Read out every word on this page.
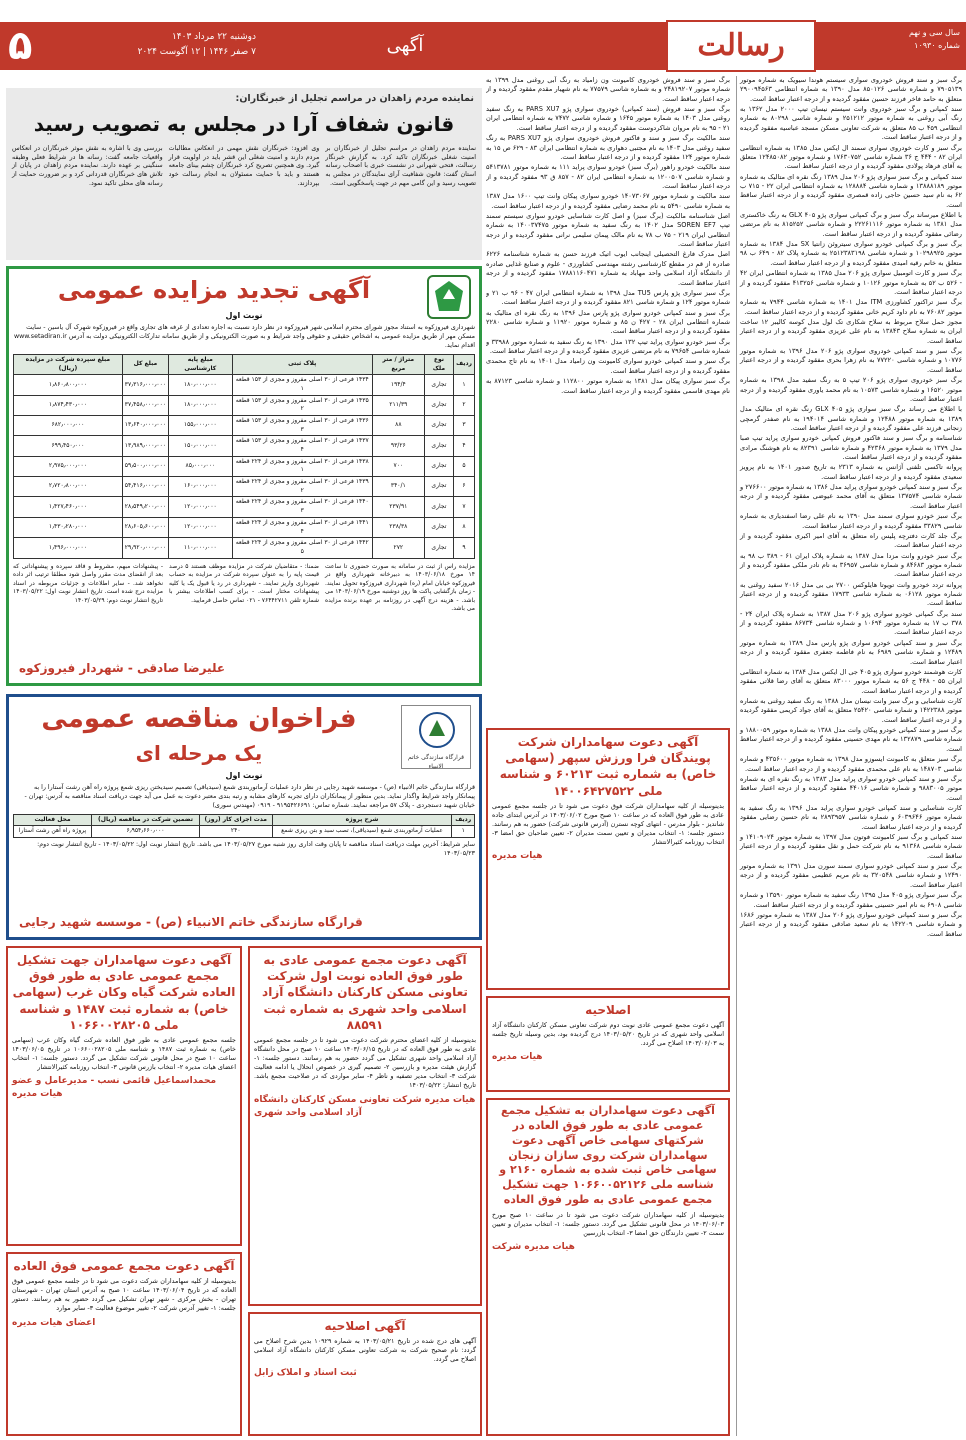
۵	دوشنبه ۲۲ مرداد ۱۴۰۳
۷ صفر ۱۴۴۶ | ۱۲ آگوست ۲۰۲۴	آگهی	رسالت	سال سی و نهم
شماره ۱۰۹۳۰

برگ سبز و سند فروش خودروی سواری سیستم هوندا سیویک به شماره موتور ۷۹۰۵۱۳۹ و شماره شاسی ۸۵۰۱۲۶ مدل ۱۳۹۰ به شماره انتظامی ۲۹۰۰۹۴۵۶۳ متعلق به حامد فاخر فرزند حسین مفقود گردیده و از درجه اعتبار ساقط است.

سند کمپانی و برگ سبز خودروی وانت سیستم نیسان تیپ ۲۰۰۰ مدل ۱۳۶۲ به رنگ آبی روغنی به شماره موتور ۲۵۱۲۱۲ و شماره شاسی ۸۰۲۹۸ به شماره انتظامی ۴۵۹ ب ۸۵ متعلق به شرکت تعاونی مسکن مسجد عباسیه مفقود گردیده و از درجه اعتبار ساقط است.

برگ سبز و کارت خودروی سواری سمند ال ایکس مدل ۱۳۸۵ به شماره انتظامی ایران ۸۲ - ۴۴۴ ج ۳۶ شماره شاسی ۱۷۶۳۰۷۵۲ و شماره موتور ۱۲۴۸۵۰۸۲ متعلق به آقای فرهاد پولادی مفقود گردیده و از درجه اعتبار ساقط است.

سند کمپانی و برگ سبز سواری پژو ۲۰۶ مدل ۱۳۸۹ رنگ نقره ای متالیک به شماره موتور ۱۳۸۸۸۱۸۹ و شماره شاسی ۱۲۸۸۸۴ به شماره انتظامی ایران ۲۲ - ۷۱۵ ب ۶۲ به نام سید حسین حاجی زاده قمصری مفقود گردیده و از درجه اعتبار ساقط است.

با اطلاع میرساند برگ سبز و برگ کمپانی سواری پژو ۴۰۵ GLX به رنگ خاکستری مدل ۱۳۸۱ به شماره موتور ۲۲۲۶۱۱۱۶ و شماره شاسی ۸۱۵۲۵۲ به نام مرتضی رضائی مفقود گردیده و از درجه اعتبار ساقط است.

برگ سبز و برگ کمپانی خودرو سواری سیتروئن زانتیا SX مدل ۱۳۸۴ به شماره موتور ۱۰۲۹۸۹۲۵ و شماره شاسی ۲۵۱۲۳۸۳۱۹۸ به شماره پلاک ۸۲ - ۶۴۹ ب ۹۸ متعلق به خانم رقیه امیدی مفقود گردیده و از درجه اعتبار ساقط است.

برگ سبز و کارت اتومبیل سواری پژو ۲۰۶ مدل ۱۳۸۵ به شماره انتظامی ایران ۴۲ - ۵۲۶ ب ۵۲ به شماره موتور ۱۰۱۲۶ و شماره شاسی ۴۱۳۲۵۶ مفقود گردیده و از درجه اعتبار ساقط است.

برگ سبز تراکتور کشاورزی ITM مدل ۱۴۰۱ به شماره شاسی ۷۹۴۴ به شماره موتور ۷۶۰۸۲ به نام داود کریم خانی مفقود گردیده و از درجه اعتبار ساقط است.

مجوز حمل سلاح مربوط به سلاح شکاری تک لول مدل کوسه کالیبر ۱۲ ساخت ایران به شماره سلاح ۱۳۸۴۳ به نام علی عزیزی مفقود گردیده و از درجه اعتبار ساقط است.

برگ سبز و سند کمپانی خودروی سواری پژو ۲۰۶ مدل ۱۳۹۶ به شماره موتور ۱۰۷۷۶ و شماره شاسی ۷۷۲۲۰ به نام زهرا بحری مفقود گردیده و از درجه اعتبار ساقط است.

برگ سبز خودروی سواری پژو ۲۰۶ تیپ ۵ به رنگ سفید مدل ۱۳۹۸ به شماره موتور ۱۶۵۲۰ و شماره شاسی ۱۰۵۷۳ به نام محمد یاوری مفقود گردیده و از درجه اعتبار ساقط است.

با اطلاع می رساند برگ سبز سواری پژو ۴۰۵ GLX رنگ نقره ای متالیک مدل ۱۳۸۹ به شماره موتور ۱۲۴۸۸ و شماره شاسی ۱۹۴۰۱۴ به نام صفدر گرمچی زنجانی فرزند علی مفقود گردیده و از درجه اعتبار ساقط است.

شناسنامه و برگ سبز و سند فاکتور فروش کمپانی خودرو سواری پراید تیپ صبا مدل ۱۳۷۹ به شماره موتور ۴۲۳۶۸ و شماره شاسی ۸۲۳۹۱ به نام هوشنگ مرادی مفقود گردیده و از درجه اعتبار ساقط است.

پروانه تاکسی تلفنی آژانس به شماره ۲۳۱۳ به تاریخ صدور ۱۴۰۱ به نام پرویز سعیدی مفقود گردیده و از درجه اعتبار ساقط است.

برگ سبز و سند کمپانی خودرو سواری پراید مدل ۱۳۸۶ به شماره موتور ۲۷۶۶۰۰ و شماره شاسی ۱۳۷۵۷۴ متعلق به آقای محمد عیوضی مفقود گردیده و از درجه اعتبار ساقط است.

برگ سبز خودرو سواری سمند مدل ۱۳۹۰ به نام علی رضا اسفندیاری به شماره شاسی ۳۳۸۲۹ مفقود گردیده و از درجه اعتبار ساقط است.

برگ جلد کارت دفترچه پلیس راه متعلق به آقای امیر اکبری مفقود گردیده و از درجه اعتبار ساقط است.

برگ سبز خودرو وانت مزدا مدل ۱۳۸۷ به شماره پلاک ایران ۶۱ - ۳۸۹ ب ۹۸ به شماره موتور ۸۴۶۸۳ و شماره شاسی ۳۶۹۵۷ به نام نادر ملکی مفقود گردیده و از درجه اعتبار ساقط است.

پروانه تردد خودرو وانت تویوتا هایلوکس ۲۷۰۰ بی بی مدل ۲۰۱۶ سفید روغنی به شماره موتور ۰۶۱۲۸ به شماره شاسی ۱۷۹۳۳ مفقود گردیده و از درجه اعتبار ساقط است.

سند برگ کمپانی خودرو سواری پژو ۲۰۶ مدل ۱۳۸۷ به شماره پلاک ایران ۲۴ - ۳۷۸ ب ۱۷ به شماره موتور ۱۰۶۹۴ و شماره شاسی ۸۶۷۳۴ مفقود گردیده و از درجه اعتبار ساقط است.

برگ سبز و سند کمپانی خودرو سواری پژو پارس مدل ۱۳۸۹ به شماره موتور ۱۲۴۸۹ و شماره شاسی ۶۹۸۹ به نام فاطمه جعفری مفقود گردیده و از درجه اعتبار ساقط است.

کارت هوشمند خودرو سواری پژو ۴۰۵ جی ال ایکس مدل ۱۳۸۴ به شماره انتظامی ایران ۵۵ - ۴۴۸ ج ۵۶ به شماره موتور ۸۳۰۰۰ متعلق به آقای رضا قلاتی مفقود گردیده و از درجه اعتبار ساقط است.

کارت شناسایی و برگ سبز وانت نیسان مدل ۱۳۸۸ به رنگ سفید روغنی به شماره موتور ۱۴۲۲۳۸۸ و شماره شاسی ۲۵۴۲۰ متعلق به آقای جواد کریمی مفقود گردیده و از درجه اعتبار ساقط است.

برگ سبز و سند کمپانی خودرو پیکان وانت مدل ۱۳۸۸ به شماره موتور ۱۸۸۰۰۵۹ و شماره شاسی ۱۳۲۸۷۹ به نام مهدی حسینی مفقود گردیده و از درجه اعتبار ساقط است.

برگ سبز متعلق به کامیونت ایسوزو مدل ۱۳۹۸ به شماره موتور ۴۳۵۶۰۰ و شماره شاسی ۱۴۸۷۰۳ به نام علی محمدی مفقود گردیده و از درجه اعتبار ساقط است.

برگ سبز و سند کمپانی خودرو سواری پراید مدل ۱۳۸۳ به رنگ نقره ای به شماره موتور ۹۸۸۳۰۰۵ و شماره شاسی ۴۴۰۱۶ مفقود گردیده و از درجه اعتبار ساقط است.

کارت شناسایی و سند کمپانی خودرو سواری پراید مدل ۱۳۹۶ به رنگ سفید به شماره موتور ۶۰۳۹۶۴۶ و شماره شاسی ۲۸۹۳۹۵۷ به نام حسین رضایی مفقود گردیده و از درجه اعتبار ساقط است.

سند کمپانی و برگ سبز کامیونت فوتون مدل ۱۳۹۷ به شماره موتور ۱۴۱۰۹۰۲۴ و شماره شاسی ۹۱۳۶۸ به نام شرکت حمل و نقل مفقود گردیده و از درجه اعتبار ساقط است.

برگ سبز و سند کمپانی خودرو سواری سمند سورن مدل ۱۳۹۱ به شماره موتور ۱۲۴۹۰ و شماره شاسی ۳۲۰۵۴۸ به نام مریم عظیمی مفقود گردیده و از درجه اعتبار ساقط است.

برگ سبز سواری پژو ۴۰۵ مدل ۱۳۹۵ رنگ سفید به شماره موتور ۱۳۵۹۰ و شماره شاسی ۶۹۰۸ به نام امیر حسینی مفقود گردیده و از درجه اعتبار ساقط است.

برگ سبز و سند کمپانی خودرو سواری پژو ۲۰۶ مدل ۱۳۸۷ به شماره موتور ۱۶۸۶ و شماره شاسی ۱۴۲۲۰۹ به نام سعید صادقی مفقود گردیده و از درجه اعتبار ساقط است.

برگ سبز و سند فروش خودروی کامیونت ون زامیاد به رنگ آبی روغنی مدل ۱۳۹۹ به شماره موتور ۲۴۸۱۹۲۰۷ و به شماره شاسی ۷۷۵۷۹ به نام شهیار مقدم مفقود گردیده و از درجه اعتبار ساقط است.

برگ سبز و سند فروش (سند کمپانی) خودروی سواری پژو PARS XU7 به رنگ سفید روغنی مدل ۱۴۰۳ به شماره موتور ۱۶۴۵ و شماره شاسی ۷۴۷۲ به شماره انتظامی ایران ۲۱ - ۹۵ به نام مروان شاکردوست مفقود گردیده و از درجه اعتبار ساقط است.

سند مالکیت برگ سبز و سند و فاکتور فروش خودروی سواری پژو PARS XU7 به رنگ سفید روغنی مدل ۱۴۰۳ به نام مجتبی دهواری به شماره انتظامی ایران ۸۳ - ۶۲۹ ص ۱۵ به شماره موتور ۱۲۴ مفقود گردیده و از درجه اعتبار ساقط است.

سند مالکیت خودرو راهور (برگ سبز) خودرو سواری پراید ۱۱۱ به شماره موتور ۵۴۱۳۷۸۱ و شماره شاسی ۱۲۰۰۵۰۷ به شماره انتظامی ایران ۸۲ - ۸۵۷ ق ۹۳ مفقود گردیده و از درجه اعتبار ساقط است.

سند مالکیت و شماره موتور ۱۴۰۷۳۰۶۷ خودرو سواری پیکان وانت تیپ ۱۶۰۰ مدل ۱۳۸۷ به شماره شاسی ۵۴۹۰ به نام محمد رضایی مفقود گردیده و از درجه اعتبار ساقط است.

اصل شناسنامه مالکیت (برگ سبز) و اصل کارت شناسایی خودرو سواری سیستم سمند تیپ SOREN EF7 مدل ۱۴۰۲ به رنگ سفید به شماره موتور ۱۴۰۰۳۷۴۷۵ به شماره انتظامی ایران ۲۱۹ - ۷۵ ب ۷۸ به نام مالک پیمان سلیمی نرانی مفقود گردیده و از درجه اعتبار ساقط است.

اصل مدرک فارغ التحصیلی اینجانب ایوب اتیک فرزند حسن به شماره شناسنامه ۶۲۲۶ صادره از قم در مقطع کارشناسی رشته مهندسی کشاورزی - علوم و صنایع غذایی صادره از دانشگاه آزاد اسلامی واحد مهاباد به شماره ۱۷۸۸۱۱۶۰۴۷۱ مفقود گردیده و از درجه اعتبار ساقط است.

برگ سبز سواری پژو پارس TU5 مدل ۱۳۹۸ به شماره انتظامی ایران ۴۷ - ۹۶ ب ۲۱ و شماره موتور ۱۲۴ و شماره شاسی ۸۲۱ مفقود گردیده و از درجه اعتبار ساقط است.

برگ سبز و سند کمپانی خودرو سواری پژو پارس مدل ۱۳۹۶ به رنگ نقره ای متالیک به شماره انتظامی ایران ۲۸ - ۴۲۷ ن ۸۵ و شماره موتور ۱۱۹۲۰ و شماره شاسی ۲۲۸۰ مفقود گردیده و از درجه اعتبار ساقط است.

برگ سبز خودرو سواری پراید تیپ ۱۳۲ مدل ۱۳۹۰ به رنگ سفید به شماره موتور ۳۳۹۸۸ و شماره شاسی ۷۹۶۵۴ به نام مرتضی عزیزی مفقود گردیده و از درجه اعتبار ساقط است.

برگ سبز و سند کمپانی خودرو سواری کامیونت ون زامیاد مدل ۱۴۰۱ به نام تاج محمدی مفقود گردیده و از درجه اعتبار ساقط است.

برگ سبز سواری پیکان مدل ۱۳۸۱ به شماره موتور ۱۱۲۸۰۰ و شماره شاسی ۸۷۱۲۳ به نام مهدی قاسمی مفقود گردیده و از درجه اعتبار ساقط است.

نماینده مردم زاهدان در مراسم تجلیل از خبرنگاران:
قانون شفاف آرا در مجلس به تصویب رسید
نماینده مردم زاهدان در مراسم تجلیل از خبرنگاران بر امنیت شغلی خبرنگاران تاکید کرد. به گزارش خبرنگار رسالت، فتحی شهرانی در نشست خبری با اصحاب رسانه استان گفت: قانون شفافیت آرای نمایندگان در مجلس به تصویب رسید و این گامی مهم در جهت پاسخگویی است.
وی افزود: خبرنگاران نقش مهمی در انعکاس مطالبات مردم دارند و امنیت شغلی این قشر باید در اولویت قرار گیرد. وی همچنین تصریح کرد خبرنگاران چشم بینای جامعه هستند و باید با حمایت مسئولان به انجام رسالت خود بپردازند.
بررسی وی با اشاره به نقش موثر خبرنگاران در انعکاس واقعیات جامعه گفت: رسانه ها در شرایط فعلی وظیفه سنگینی بر عهده دارند. نماینده مردم زاهدان در پایان از تلاش های خبرنگاران قدردانی کرد و بر ضرورت حمایت از رسانه های محلی تاکید نمود.
آگهی تجدید مزایده عمومی
نوبت اول
شهرداری فیروزکوه به استناد مجوز شورای محترم اسلامی شهر فیروزکوه در نظر دارد نسبت به اجاره تعدادی از غرفه های تجاری واقع در فیروزکوه شهرک آل یاسین - سایت مسکن مهر از طریق مزایده عمومی به اشخاص حقیقی و حقوقی واجد شرایط و به صورت الکترونیکی و از طریق سامانه تدارکات الکترونیکی دولت به آدرس www.setadiran.ir اقدام نماید.
ردیف	نوع ملک	متراژ / متر مربع	پلاک ثبتی	مبلغ پایه کارشناسی	مبلغ کل	مبلغ سپرده شرکت در مزایده (ریال)
۱	تجاری	۱۹۴/۴	۱۴۳۴ فرعی از ۳۰ اصلی مفروز و مجزی از ۱۵۳ قطعه ۱	۱۸۰٫۰۰۰٫۰۰۰	۳۷٫۳۱۶٫۰۰۰٫۰۰۰	۱٫۸۶۰٫۸۰۰٫۰۰۰
۲	تجاری	۲۱۱/۳۹	۱۴۳۵ فرعی از ۳۰ اصلی مفروز و مجزی از ۱۵۳ قطعه ۲	۱۸۰٫۰۰۰٫۰۰۰	۳۷٫۴۵۸٫۰۰۰٫۰۰۰	۱٫۸۷۴٫۴۳۰٫۰۰۰
۳	تجاری	۸۸	۱۴۳۶ فرعی از ۳۰ اصلی مفروز و مجزی از ۱۵۳ قطعه ۳	۱۵۵٫۰۰۰٫۰۰۰	۱۳٫۶۴۰٫۰۰۰٫۰۰۰	۶۸۲٫۰۰۰٫۰۰۰
۴	تجاری	۹۳/۲۶	۱۴۳۷ فرعی از ۳۰ اصلی مفروز و مجزی از ۱۵۳ قطعه ۴	۱۵۰٫۰۰۰٫۰۰۰	۱۳٫۹۸۹٫۰۰۰٫۰۰۰	۶۹۹٫۴۵۰٫۰۰۰
۵	تجاری	۷۰۰	۱۴۳۸ فرعی از ۳۰ اصلی مفروز و مجزی از ۲۲۴ قطعه ۱	۸۵٫۰۰۰٫۰۰۰	۵۹٫۵۰۰٫۰۰۰٫۰۰۰	۲٫۹۷۵٫۰۰۰٫۰۰۰
۶	تجاری	۳۴۰/۱	۱۴۳۹ فرعی از ۳۰ اصلی مفروز و مجزی از ۲۲۴ قطعه ۲	۱۶۰٫۰۰۰٫۰۰۰	۵۴٫۴۱۶٫۰۰۰٫۰۰۰	۲٫۷۲۰٫۸۰۰٫۰۰۰
۷	تجاری	۲۳۷/۹۱	۱۴۴۰ فرعی از ۳۰ اصلی مفروز و مجزی از ۲۲۴ قطعه ۳	۱۲۰٫۰۰۰٫۰۰۰	۲۸٫۵۴۹٫۲۰۰٫۰۰۰	۱٫۴۲۷٫۴۶۰٫۰۰۰
۸	تجاری	۲۳۸/۳۸	۱۴۴۱ فرعی از ۳۰ اصلی مفروز و مجزی از ۲۲۴ قطعه ۴	۱۲۰٫۰۰۰٫۰۰۰	۲۸٫۶۰۵٫۶۰۰٫۰۰۰	۱٫۴۳۰٫۲۸۰٫۰۰۰
۹	تجاری	۲۷۲	۱۴۴۲ فرعی از ۳۰ اصلی مفروز و مجزی از ۲۲۴ قطعه ۵	۱۱۰٫۰۰۰٫۰۰۰	۲۹٫۹۲۰٫۰۰۰٫۰۰۰	۱٫۴۹۶٫۰۰۰٫۰۰۰
مزایده راس از ثبت در سامانه به صورت حضوری تا ساعت ۱۴ مورخ ۱۴۰۳/۰۶/۱۸ به دبیرخانه شهرداری واقع در فیروزکوه خیابان امام (ره) شهرداری فیروزکوه تحویل نمایند. - زمان بازگشایی پاکت ها روز دوشنبه مورخ ۱۴۰۳/۰۶/۱۹ می باشد. - هزینه درج آگهی در روزنامه بر عهده برنده مزایده می باشد.
ضمنا: - متقاضیان شرکت در مزایده موظف هستند ۵ درصد قیمت پایه را به عنوان سپرده شرکت در مزایده به حساب شهرداری واریز نمایند. - شهرداری در رد یا قبول یک یا کلیه پیشنهادات مختار است. - برای کسب اطلاعات بیشتر با شماره تلفن ۷۶۴۴۲۷۱۱ - ۰۲۱ تماس حاصل فرمایید.
- پیشنهادات مبهم، مشروط و فاقد سپرده و پیشنهاداتی که بعد از انقضای مدت مقرر واصل شود مطلقا ترتیب اثر داده نخواهد شد. - سایر اطلاعات و جزئیات مربوطه در اسناد مزایده درج شده است. تاریخ انتشار نوبت اول: ۱۴۰۳/۰۵/۲۲ تاریخ انتشار نوبت دوم: ۱۴۰۳/۰۵/۲۹
علیرضا صادقی - شهردار فیروزکوه
قرارگاه سازندگی خاتم الانبیاء
فراخوان مناقصه عمومی
یک مرحله ای
نوبت اول
قرارگاه سازندگی خاتم الانبیاء (ص) - موسسه شهید رجایی در نظر دارد عملیات آرماتوربندی شمع (سیدیاقی) تصمیم سیدیختن ریزی شمع پروژه راه آهن رشت آستارا را به پیمانکار واجد شرایط واگذار نماید. بدین منظور از پیمانکاران دارای تجربه کارهای مشابه و رتبه بندی معتبر دعوت به عمل می آید جهت دریافت اسناد مناقصه به آدرس: تهران - خیابان شهید دستجردی - پلاک ۵۷ مراجعه نمایند. شماره تماس: ۹۱۹۵۴۲۶۶۹۱ - ۰۹۱۹ (مهندس سوری)
ردیف	شرح پروژه	مدت اجرای کار (روز)	تضمین شرکت در مناقصه (ریال)	محل فعالیت
۱	عملیات آرماتوربندی شمع (سیدیاقی)، تصب سبد و بتن ریزی شمع	۲۴۰	۶٫۹۵۴٫۶۶۰٫۰۰۰	پروژه راه آهن رشت آستارا
سایر شرایط: آخرین مهلت دریافت اسناد مناقصه تا پایان وقت اداری روز شنبه مورخ ۱۴۰۳/۰۵/۲۷ می باشد. تاریخ انتشار نوبت اول: ۱۴۰۳/۰۵/۲۲ - تاریخ انتشار نوبت دوم: ۱۴۰۳/۰۵/۲۳
قرارگاه سازندگی خاتم الانبیاء (ص) - موسسه شهید رجایی
آگهی دعوت سهامداران شرکت پویندگان فرا ورزش سپهر (سهامی خاص) به شماره ثبت ۶۰۲۱۳ و شناسه ملی ۱۴۰۰۶۴۲۷۵۲۲
بدینوسیله از کلیه سهامداران شرکت فوق دعوت می شود تا در جلسه مجمع عمومی عادی به طور فوق العاده که در ساعت ۱۰ صبح مورخ ۱۴۰۳/۰۶/۰۲ در آدرس ابتدای جاده شاندیز - بلوار مدرس - انتهای کوچه نسترن (آدرس قانونی شرکت) حضور به هم رسانند. دستور جلسه: ۱- انتخاب مدیران و تعیین سمت مدیران ۲- تعیین صاحبان حق امضا ۳- انتخاب روزنامه کثیرالانتشار
هیات مدیره
اصلاحیه
آگهی دعوت مجمع عمومی عادی نوبت دوم شرکت تعاونی مسکن کارکنان دانشگاه آزاد اسلامی واحد شهری که در تاریخ ۱۴۰۳/۰۵/۲۰ درج گردیده بود، بدین وسیله تاریخ جلسه به ۱۴۰۳/۰۶/۰۳ اصلاح می گردد.
هیات مدیره
آگهی دعوت سهامداران به تشکیل مجمع عمومی عادی به طور فوق العاده در شرکتهای سهامی خاص آگهی دعوت سهامداران شرکت روی سازان زنجان سهامی خاص ثبت شده به شماره ۲۱۶۰ و شناسه ملی ۱۰۶۶۰۰۵۲۱۲۶ جهت تشکیل مجمع عمومی عادی به طور فوق العاده
بدینوسیله از کلیه سهامداران شرکت دعوت می شود تا در ساعت ۱۰ صبح مورخ ۱۴۰۳/۰۶/۰۳ در محل قانونی تشکیل می گردد. دستور جلسه: ۱- انتخاب مدیران و تعیین سمت ۲- تعیین دارندگان حق امضا ۳- انتخاب بازرسین
هیات مدیره شرکت
آگهی دعوت مجمع عمومی عادی به طور فوق العاده نوبت اول شرکت تعاونی مسکن کارکنان دانشگاه آزاد اسلامی واحد شهری به شماره ثبت ۸۸۵۹۱
بدینوسیله از کلیه اعضای محترم شرکت دعوت می شود تا در جلسه مجمع عمومی عادی به طور فوق العاده که در تاریخ ۱۴۰۳/۰۶/۱۵ ساعت ۱۰ صبح در محل دانشگاه آزاد اسلامی واحد شهری تشکیل می گردد حضور به هم رسانند. دستور جلسه: ۱- گزارش هیئت مدیره و بازرسین ۲- تصمیم گیری در خصوص انحلال یا ادامه فعالیت شرکت ۳- انتخاب مدیر تصفیه و ناظر ۴- سایر مواردی که در صلاحیت مجمع باشد. تاریخ انتشار: ۱۴۰۳/۰۵/۲۲
هیات مدیره شرکت تعاونی مسکن کارکنان دانشگاه آزاد اسلامی واحد شهری
آگهی اصلاحیه
آگهی های درج شده در تاریخ ۱۴۰۳/۰۵/۲۱ به شماره ۱۰۹۲۹ بدین شرح اصلاح می گردد: نام صحیح شرکت به شرکت تعاونی مسکن کارکنان دانشگاه آزاد اسلامی اصلاح می گردد.
ثبت اسناد و املاک زابل
آگهی دعوت سهامداران جهت تشکیل مجمع عمومی عادی به طور فوق العاده شرکت گیاه وکان غرب (سهامی خاص) به شماره ثبت ۱۴۸۷ و شناسه ملی ۱۰۶۶۰۰۲۸۲۰۵
جلسه مجمع عمومی عادی به طور فوق العاده شرکت گیاه وکان غرب (سهامی خاص) به شماره ثبت ۱۴۸۷ و شناسه ملی ۱۰۶۶۰۰۲۸۲۰۵ در تاریخ ۱۴۰۳/۰۶/۰۵ ساعت ۱۰ صبح در محل قانونی شرکت تشکیل می گردد. دستور جلسه: ۱- انتخاب اعضای هیات مدیره ۲- انتخاب بازرس قانونی ۳- انتخاب روزنامه کثیرالانتشار
محمداسماعیل قائمی نسب - مدیرعامل و عضو هیات مدیره
آگهی دعوت مجمع عمومی فوق العاده
بدینوسیله از کلیه سهامداران شرکت دعوت می شود تا در جلسه مجمع عمومی فوق العاده که در تاریخ ۱۴۰۳/۰۶/۰۴ ساعت ۱۰ صبح به آدرس استان تهران - شهرستان تهران - بخش مرکزی - شهر تهران تشکیل می گردد حضور به هم رسانند. دستور جلسه: ۱- تغییر آدرس شرکت ۲- تغییر موضوع فعالیت ۳- سایر موارد
اعضای هیات مدیره
